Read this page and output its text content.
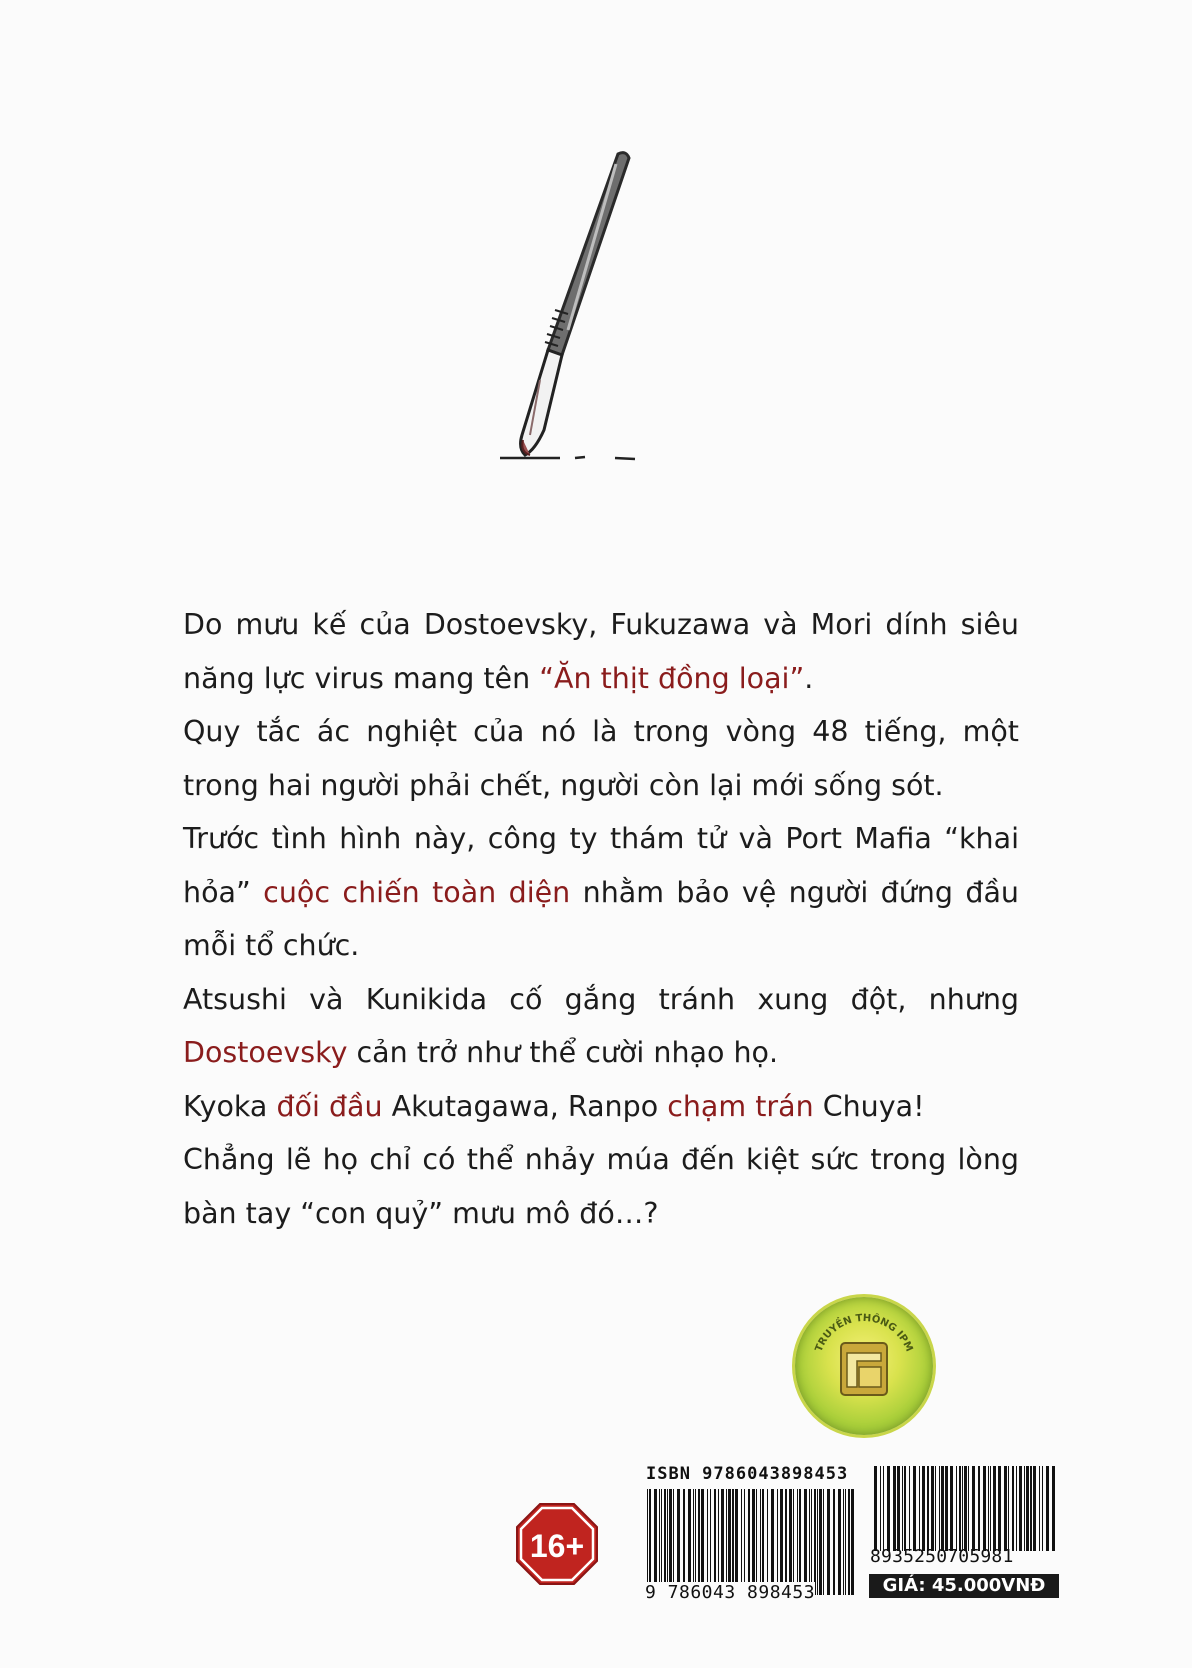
Do mưu kế của Dostoevsky, Fukuzawa và Mori dính siêu năng lực virus mang tên “Ăn thịt đồng loại”.

Quy tắc ác nghiệt của nó là trong vòng 48 tiếng, một trong hai người phải chết, người còn lại mới sống sót.

Trước tình hình này, công ty thám tử và Port Mafia “khai hỏa” cuộc chiến toàn diện nhằm bảo vệ người đứng đầu mỗi tổ chức.

Atsushi và Kunikida cố gắng tránh xung đột, nhưng Dostoevsky cản trở như thể cười nhạo họ.

Kyoka đối đầu Akutagawa, Ranpo chạm trán Chuya!

Chẳng lẽ họ chỉ có thể nhảy múa đến kiệt sức trong lòng bàn tay “con quỷ” mưu mô đó…?

TRUYỀN THÔNG IPM
16+
ISBN 9786043898453
9 786043 898453
8935250705981
GIÁ: 45.000VNĐ
